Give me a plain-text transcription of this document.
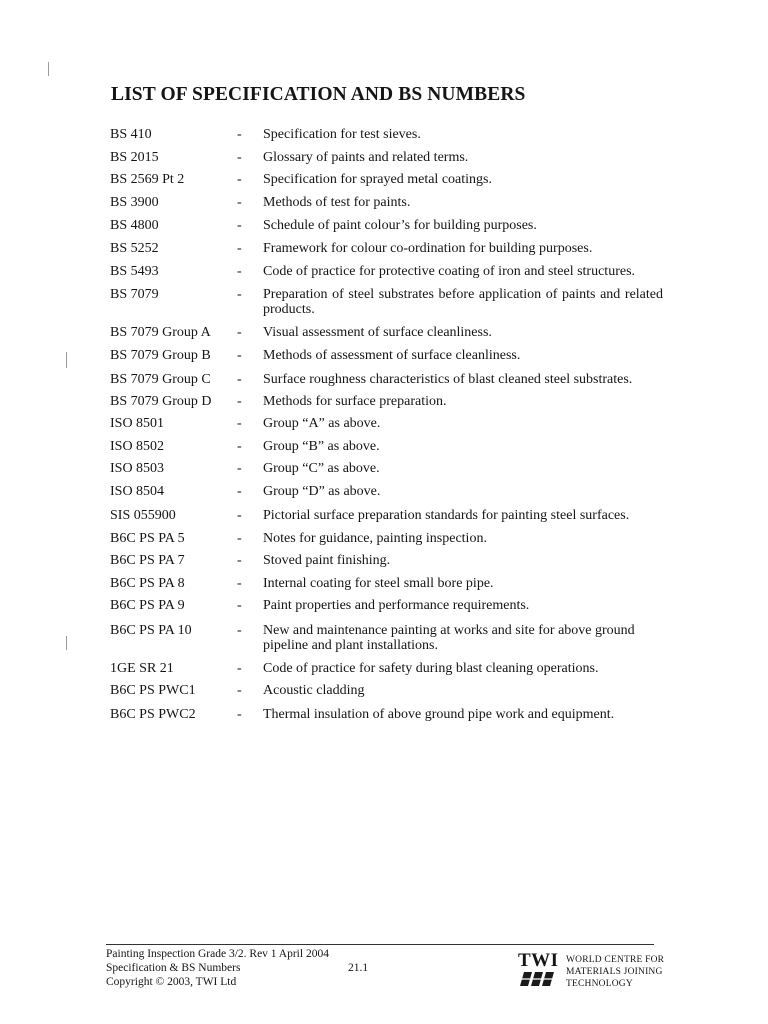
LIST OF SPECIFICATION AND BS NUMBERS
BS 410	- Specification for test sieves.
BS 2015	- Glossary of paints and related terms.
BS 2569 Pt 2	- Specification for sprayed metal coatings.
BS 3900	- Methods of test for paints.
BS 4800	- Schedule of paint colour’s for building purposes.
BS 5252	- Framework for colour co-ordination for building purposes.
BS 5493	- Code of practice for protective coating of iron and steel structures.
BS 7079	- Preparation of steel substrates before application of paints and related products.
BS 7079 Group A - Visual assessment of surface cleanliness.
BS 7079 Group B - Methods of assessment of surface cleanliness.
BS 7079 Group C - Surface roughness characteristics of blast cleaned steel substrates.
BS 7079 Group D - Methods for surface preparation.
ISO 8501	- Group “A” as above.
ISO 8502	- Group “B” as above.
ISO 8503	- Group “C” as above.
ISO 8504	- Group “D” as above.
SIS 055900	- Pictorial surface preparation standards for painting steel surfaces.
B6C PS PA 5	- Notes for guidance, painting inspection.
B6C PS PA 7	- Stoved paint finishing.
B6C PS PA 8	- Internal coating for steel small bore pipe.
B6C PS PA 9	- Paint properties and performance requirements.
B6C PS PA 10	- New and maintenance painting at works and site for above ground pipeline and plant installations.
1GE SR 21	- Code of practice for safety during blast cleaning operations.
B6C PS PWC1	- Acoustic cladding
B6C PS PWC2	- Thermal insulation of above ground pipe work and equipment.
Painting Inspection Grade 3/2. Rev 1 April 2004
Specification & BS Numbers
Copyright © 2003, TWI Ltd
21.1	TWI WORLD CENTRE FOR
MATERIALS JOINING
TECHNOLOGY
